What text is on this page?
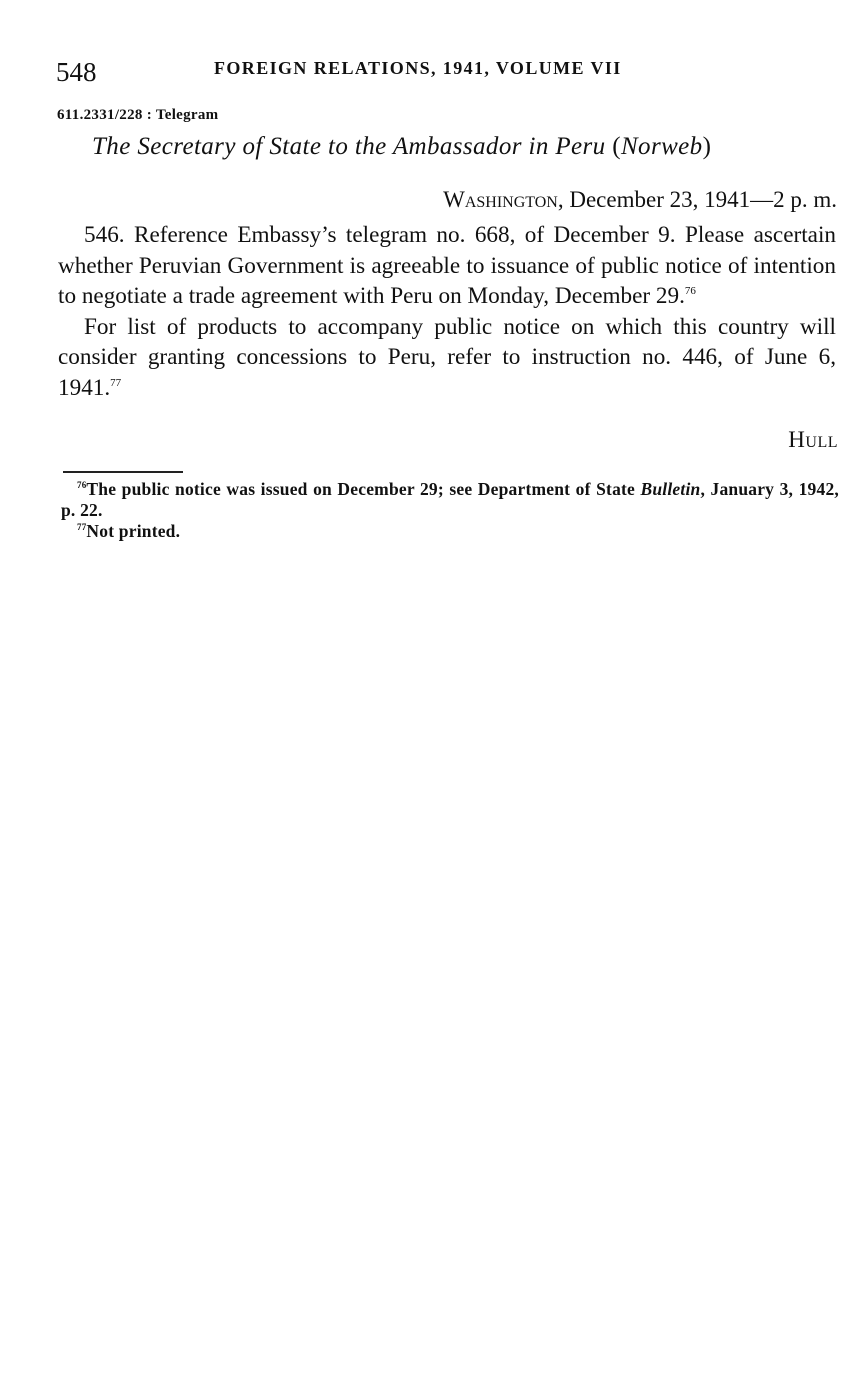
548	FOREIGN RELATIONS, 1941, VOLUME VII
611.2331/228 : Telegram
The Secretary of State to the Ambassador in Peru (Norweb)
Washington, December 23, 1941—2 p. m.

546. Reference Embassy’s telegram no. 668, of December 9. Please ascertain whether Peruvian Government is agreeable to issuance of public notice of intention to negotiate a trade agreement with Peru on Monday, December 29.76

For list of products to accompany public notice on which this country will consider granting concessions to Peru, refer to instruction no. 446, of June 6, 1941.77

Hull

$^{76}$The public notice was issued on December 29; see Department of State Bulletin, January 3, 1942, p. 22.

$^{77}$Not printed.
